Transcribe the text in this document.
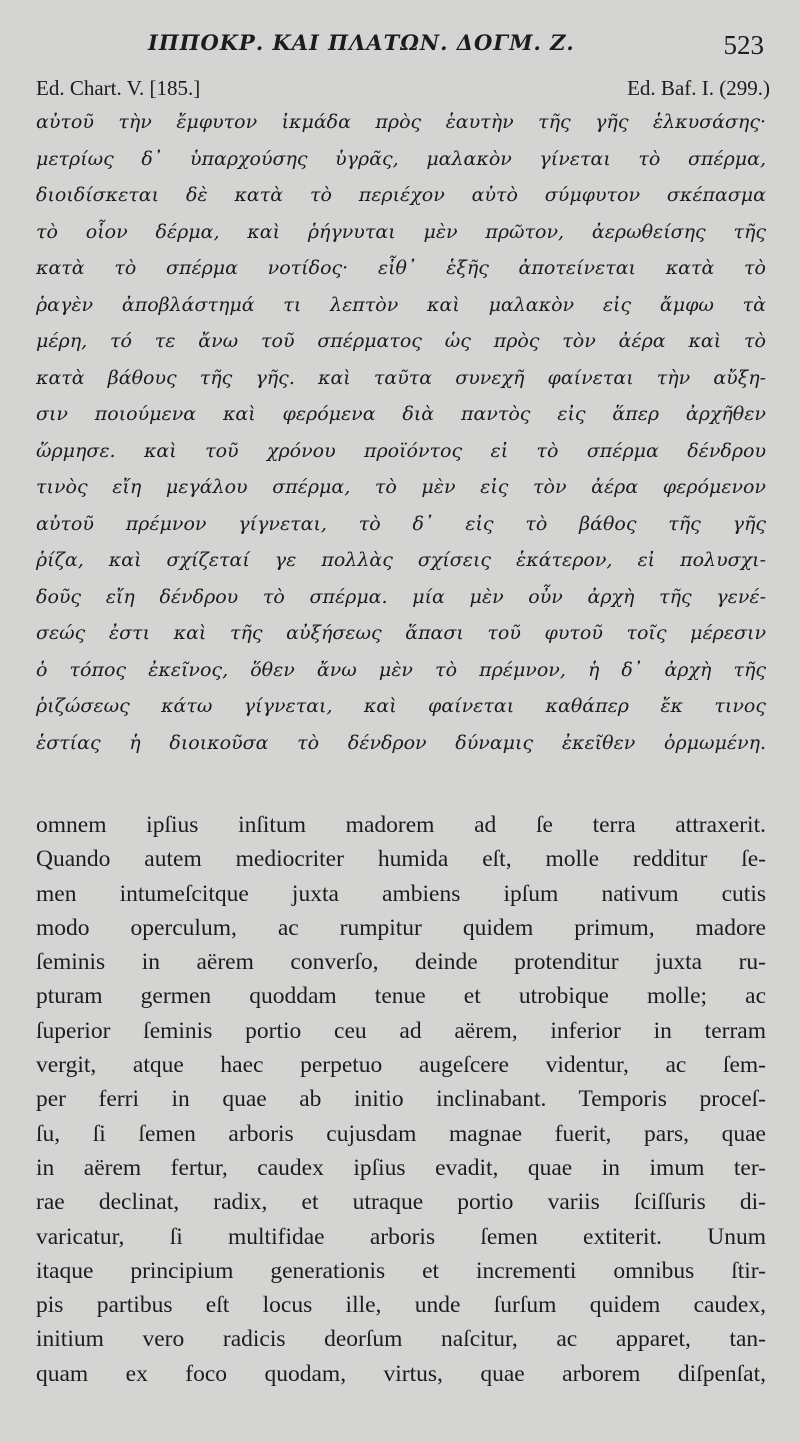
ΙΠΠΟΚΡ. ΚΑΙ ΠΛΑΤΩΝ. ΔΟΓΜ. Ζ.	523
Ed. Chart. V. [185.]	Ed. Baf. I. (299.)
αὐτοῦ τὴν ἔμφυτον ἰκμάδα πρὸς ἑαυτὴν τῆς γῆς ἑλκυσάσης·
μετρίως δ᾽ ὑπαρχούσης ὑγρᾶς, μαλακὸν γίνεται τὸ σπέρμα,
διοιδίσκεται δὲ κατὰ τὸ περιέχον αὐτὸ σύμφυτον σκέπασμα
τὸ οἷον δέρμα, καὶ ῥήγνυται μὲν πρῶτον, ἀερωθείσης τῆς
κατὰ τὸ σπέρμα νοτίδος· εἶθ᾽ ἑξῆς ἀποτείνεται κατὰ τὸ
ῥαγὲν ἀποβλάστημά τι λεπτὸν καὶ μαλακὸν εἰς ἄμφω τὰ
μέρη, τό τε ἄνω τοῦ σπέρματος ὡς πρὸς τὸν ἀέρα καὶ τὸ
κατὰ βάθους τῆς γῆς. καὶ ταῦτα συνεχῆ φαίνεται τὴν αὔξη-
σιν ποιούμενα καὶ φερόμενα διὰ παντὸς εἰς ἅπερ ἀρχῆθεν
ὥρμησε. καὶ τοῦ χρόνου προϊόντος εἰ τὸ σπέρμα δένδρου
τινὸς εἴη μεγάλου σπέρμα, τὸ μὲν εἰς τὸν ἀέρα φερόμενον
αὐτοῦ πρέμνον γίγνεται, τὸ δ᾽ εἰς τὸ βάθος τῆς γῆς
ῥίζα, καὶ σχίζεταί γε πολλὰς σχίσεις ἑκάτερον, εἰ πολυσχι-
δοῦς εἴη δένδρου τὸ σπέρμα. μία μὲν οὖν ἀρχὴ τῆς γενέ-
σεώς ἐστι καὶ τῆς αὐξήσεως ἅπασι τοῦ φυτοῦ τοῖς μέρεσιν
ὁ τόπος ἐκεῖνος, ὅθεν ἄνω μὲν τὸ πρέμνον, ἡ δ᾽ ἀρχὴ τῆς
ῥιζώσεως κάτω γίγνεται, καὶ φαίνεται καθάπερ ἔκ τινος
ἑστίας ἡ διοικοῦσα τὸ δένδρον δύναμις ἐκεῖθεν ὁρμωμένη.
omnem ipſius inſitum madorem ad ſe terra attraxerit.
Quando autem mediocriter humida eſt, molle redditur ſe-
men intumeſcitque juxta ambiens ipſum nativum cutis
modo operculum, ac rumpitur quidem primum, madore
ſeminis in aërem converſo, deinde protenditur juxta ru-
pturam germen quoddam tenue et utrobique molle; ac
ſuperior ſeminis portio ceu ad aërem, inferior in terram
vergit, atque haec perpetuo augeſcere videntur, ac ſem-
per ferri in quae ab initio inclinabant. Temporis proceſ-
ſu, ſi ſemen arboris cujusdam magnae fuerit, pars, quae
in aërem fertur, caudex ipſius evadit, quae in imum ter-
rae declinat, radix, et utraque portio variis ſciſſuris di-
varicatur, ſi multifidae arboris ſemen extiterit. Unum
itaque principium generationis et incrementi omnibus ſtir-
pis partibus eſt locus ille, unde ſurſum quidem caudex,
initium vero radicis deorſum naſcitur, ac apparet, tan-
quam ex foco quodam, virtus, quae arborem diſpenſat,
